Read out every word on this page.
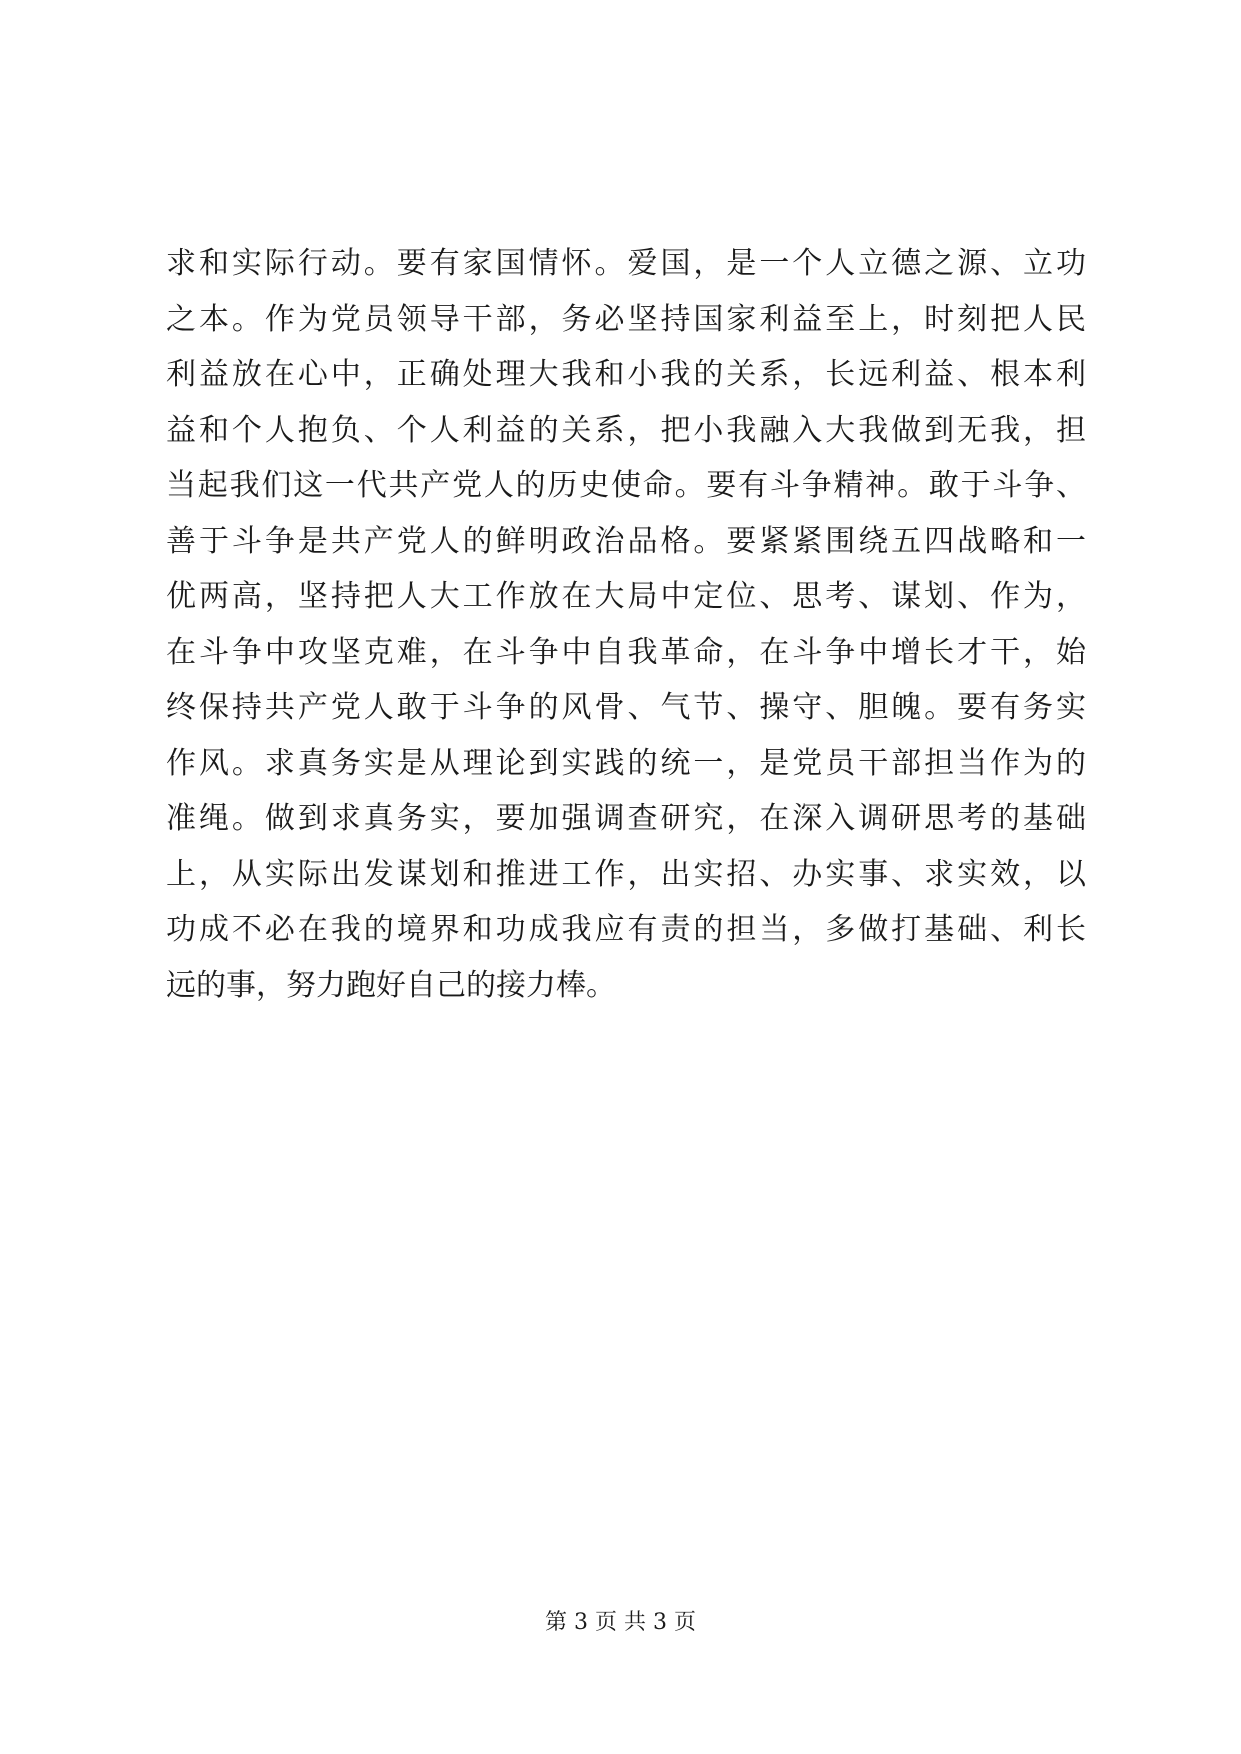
求和实际行动。要有家国情怀。爱国，是一个人立德之源、立功
之本。作为党员领导干部，务必坚持国家利益至上，时刻把人民
利益放在心中，正确处理大我和小我的关系，长远利益、根本利
益和个人抱负、个人利益的关系，把小我融入大我做到无我，担
当起我们这一代共产党人的历史使命。要有斗争精神。敢于斗争、
善于斗争是共产党人的鲜明政治品格。要紧紧围绕五四战略和一
优两高，坚持把人大工作放在大局中定位、思考、谋划、作为，
在斗争中攻坚克难，在斗争中自我革命，在斗争中增长才干，始
终保持共产党人敢于斗争的风骨、气节、操守、胆魄。要有务实
作风。求真务实是从理论到实践的统一，是党员干部担当作为的
准绳。做到求真务实，要加强调查研究，在深入调研思考的基础
上，从实际出发谋划和推进工作，出实招、办实事、求实效，以
功成不必在我的境界和功成我应有责的担当，多做打基础、利长
远的事，努力跑好自己的接力棒。
第 3 页 共 3 页
